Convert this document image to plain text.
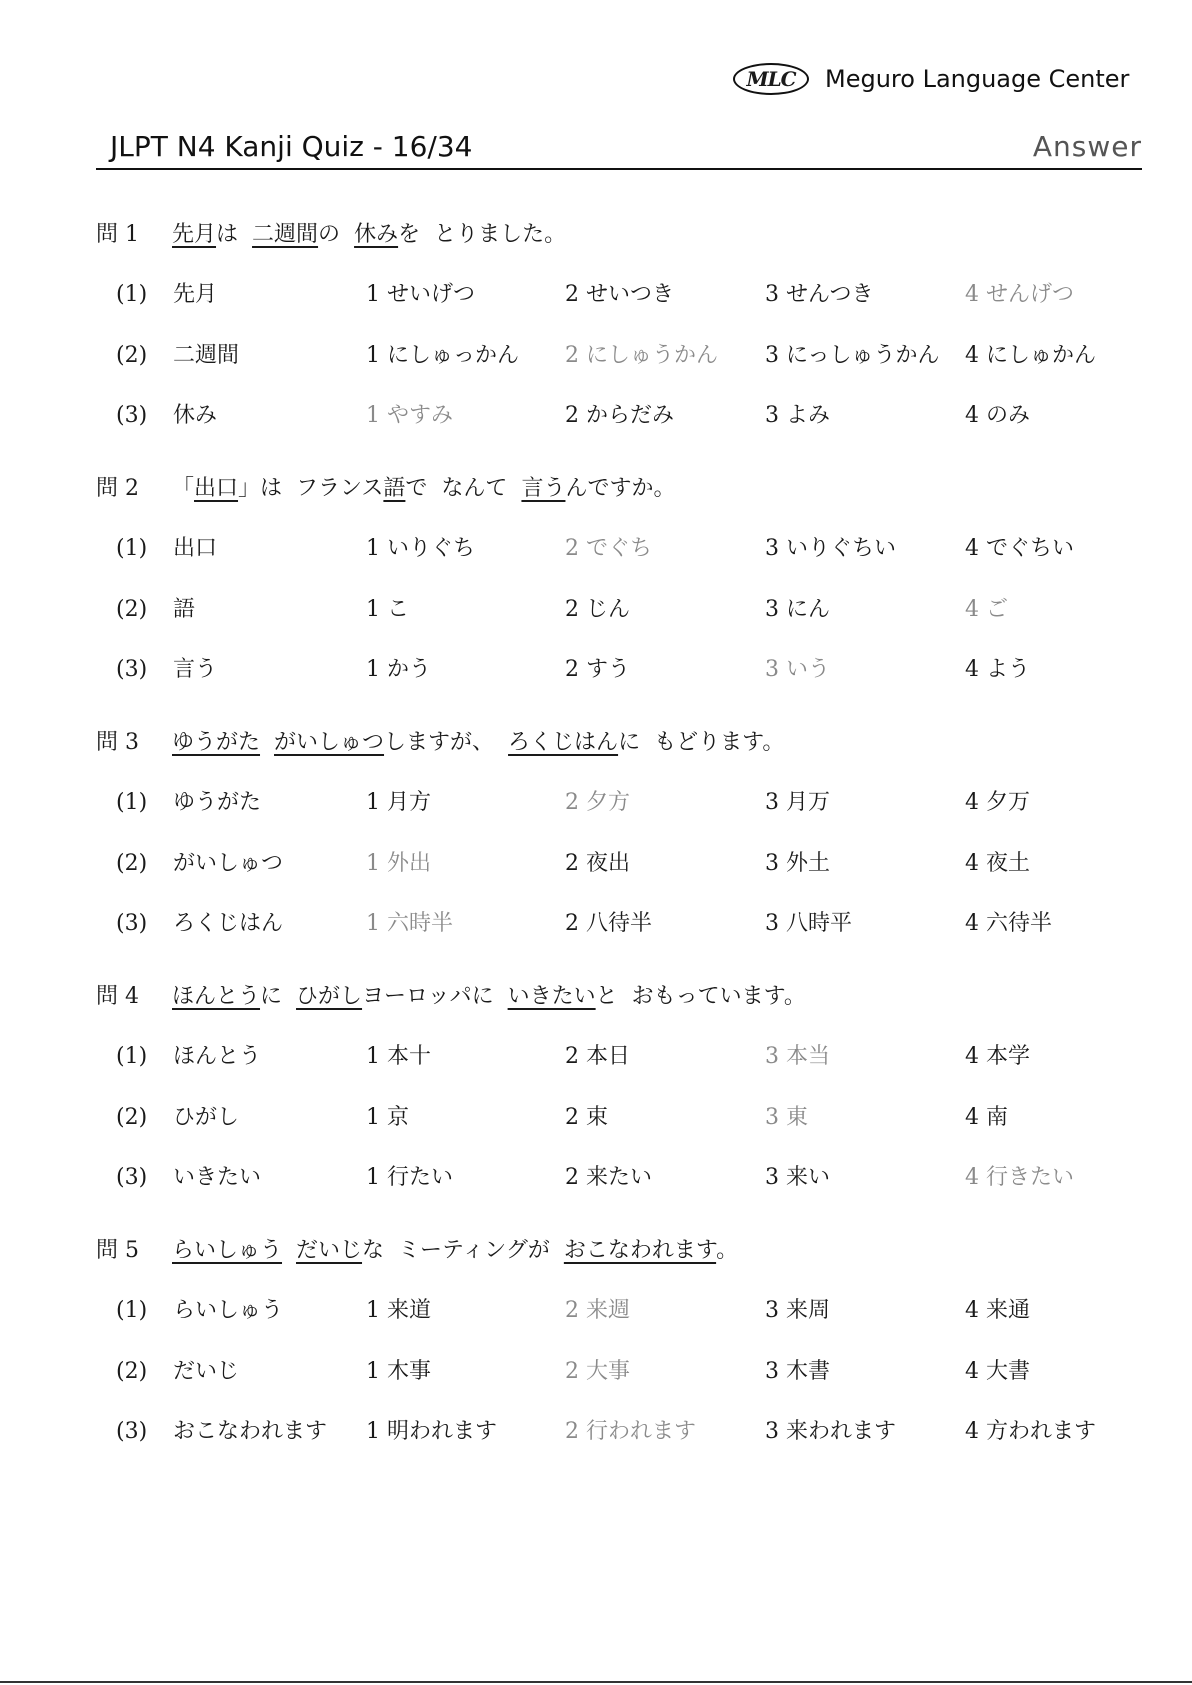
MLC	Meguro Language Center
JLPT N4 Kanji Quiz - 16/34	Answer
問 1 先月は 二週間の 休みを とりました。
(1) 先月	1 せいげつ	2 せいつき	3 せんつき	4 せんげつ
(2) 二週間	1 にしゅっかん 2 にしゅうかん 3 にっしゅうかん 4 にしゅかん
(3) 休み	1 やすみ	2 からだみ	3 よみ	4 のみ
問 2 「出口」は フランス語で なんて 言うんですか。
(1) 出口	1 いりぐち	2 でぐち	3 いりぐちい	4 でぐちい
(2) 語	1 こ	2 じん	3 にん	4 ご
(3) 言う	1 かう	2 すう	3 いう	4 よう
問 3 ゆうがた がいしゅつしますが、 ろくじはんに もどります。
(1) ゆうがた	1 月方	2 夕方	3 月万	4 夕万
(2) がいしゅつ	1 外出	2 夜出	3 外土	4 夜土
(3) ろくじはん	1 六時半	2 八待半	3 八時平	4 六待半
問 4 ほんとうに ひがしヨーロッパに いきたいと おもっています。
(1) ほんとう	1 本十	2 本日	3 本当	4 本学
(2) ひがし	1 京	2 束	3 東	4 南
(3) いきたい	1 行たい	2 来たい	3 来い	4 行きたい
問 5 らいしゅう だいじな ミーティングが おこなわれます。
(1) らいしゅう	1 来道	2 来週	3 来周	4 来通
(2) だいじ	1 木事	2 大事	3 木書	4 大書
(3) おこなわれます 1 明われます	2 行われます	3 来われます	4 方われます
